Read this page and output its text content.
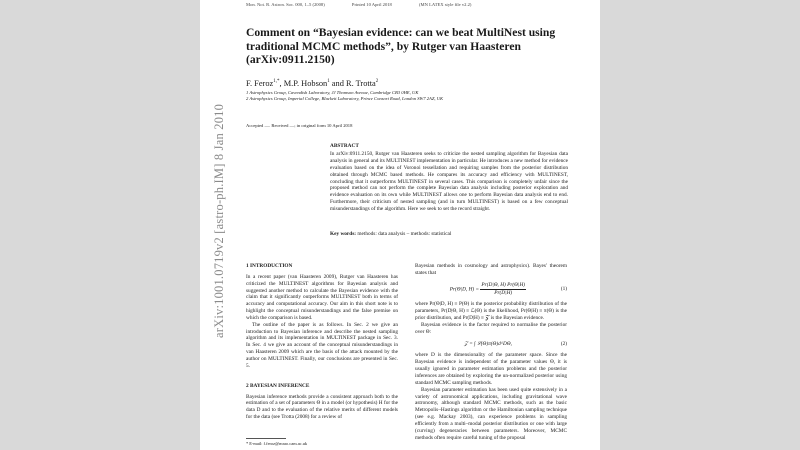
Mon. Not. R. Astron. Soc. 000, 1–5 (2008)	Printed 10 April 2018	(MN LATEX style file v2.2)
arXiv:1001.0719v2 [astro-ph.IM] 8 Jan 2010
Comment on “Bayesian evidence: can we beat MultiNest using traditional MCMC methods”, by Rutger van Haasteren (arXiv:0911.2150)
F. Feroz$^{1,*}$, M.P. Hobson$^1$ and R. Trotta$^2$
1 Astrophysics Group, Cavendish Laboratory, JJ Thomson Avenue, Cambridge CB3 0HE, UK
2 Astrophysics Group, Imperial College, Blackett Laboratory, Prince Consort Road, London SW7 2AZ, UK
Accepted —. Received —; in original form 10 April 2018
ABSTRACT

In arXiv:0911.2150, Rutger van Haasteren seeks to criticize the nested sampling algorithm for Bayesian data analysis in general and its MULTINEST implementation in particular. He introduces a new method for evidence evaluation based on the idea of Voronoi tessellation and requiring samples from the posterior distribution obtained through MCMC based methods. He compares its accuracy and efficiency with MULTINEST, concluding that it outperforms MULTINEST in several cases. This comparison is completely unfair since the proposed method can not perform the complete Bayesian data analysis including posterior exploration and evidence evaluation on its own while MULTINEST allows one to perform Bayesian data analysis end to end. Furthermore, their criticism of nested sampling (and in turn MULTINEST) is based on a few conceptual misunderstandings of the algorithm. Here we seek to set the record straight.

Key words: methods: data analysis – methods: statistical
1 INTRODUCTION

In a recent paper (van Haasteren 2009), Rutger van Haasteren has criticized the MULTINEST algorithms for Bayesian analysis and suggested another method to calculate the Bayesian evidence with the claim that it significantly outperforms MULTINEST both in terms of accuracy and computational accuracy. Our aim in this short note is to highlight the conceptual misunderstandings and the false premise on which the comparison is based.

The outline of the paper is as follows. In Sec. 2 we give an introduction to Bayesian inference and describe the nested sampling algorithm and its implementation in MULTINEST package in Sec. 3. In Sec. 4 we give an account of the conceptual misunderstandings in van Haasteren 2009 which are the basis of the attack mounted by the author on MULTINEST. Finally, our conclusions are presented in Sec. 5.

2 BAYESIAN INFERENCE

Bayesian inference methods provide a consistent approach both to the estimation of a set of parameters Θ in a model (or hypothesis) H for the data D and to the evaluation of the relative merits of different models for the data (see Trotta (2008) for a review of

Bayesian methods in cosmology and astrophysics). Bayes' theorem states that

Pr(Θ|D, $H) = \frac{Pr(D|\Theta, H) Pr(\Theta|H)}{Pr(D|H)}$	(1)

where Pr(Θ|D, H) ≡ P(Θ) is the posterior probability distribution of the parameters, Pr(D|Θ, H) ≡ ℒ(Θ) is the likelihood, Pr(Θ|H) ≡ π(Θ) is the prior distribution, and Pr(D|H) ≡ 𝒵 is the Bayesian evidence.

Bayesian evidence is the factor required to normalise the posterior over Θ:

𝒵 = ∫ ℒ(Θ)π(Θ)d^DΘ,	(2)

where D is the dimensionality of the parameter space. Since the Bayesian evidence is independent of the parameter values Θ, it is usually ignored in parameter estimation problems and the posterior inferences are obtained by exploring the un-normalized posterior using standard MCMC sampling methods.

Bayesian parameter estimation has been used quite extensively in a variety of astronomical applications, including gravitational wave astronomy, although standard MCMC methods, such as the basic Metropolis–Hastings algorithm or the Hamiltonian sampling technique (see e.g. Mackay 2003), can experience problems in sampling efficiently from a multi–modal posterior distribution or one with large (curving) degeneracies between parameters. Moreover, MCMC methods often require careful tuning of the proposal

* E-mail: f.feroz@mrao.cam.ac.uk
